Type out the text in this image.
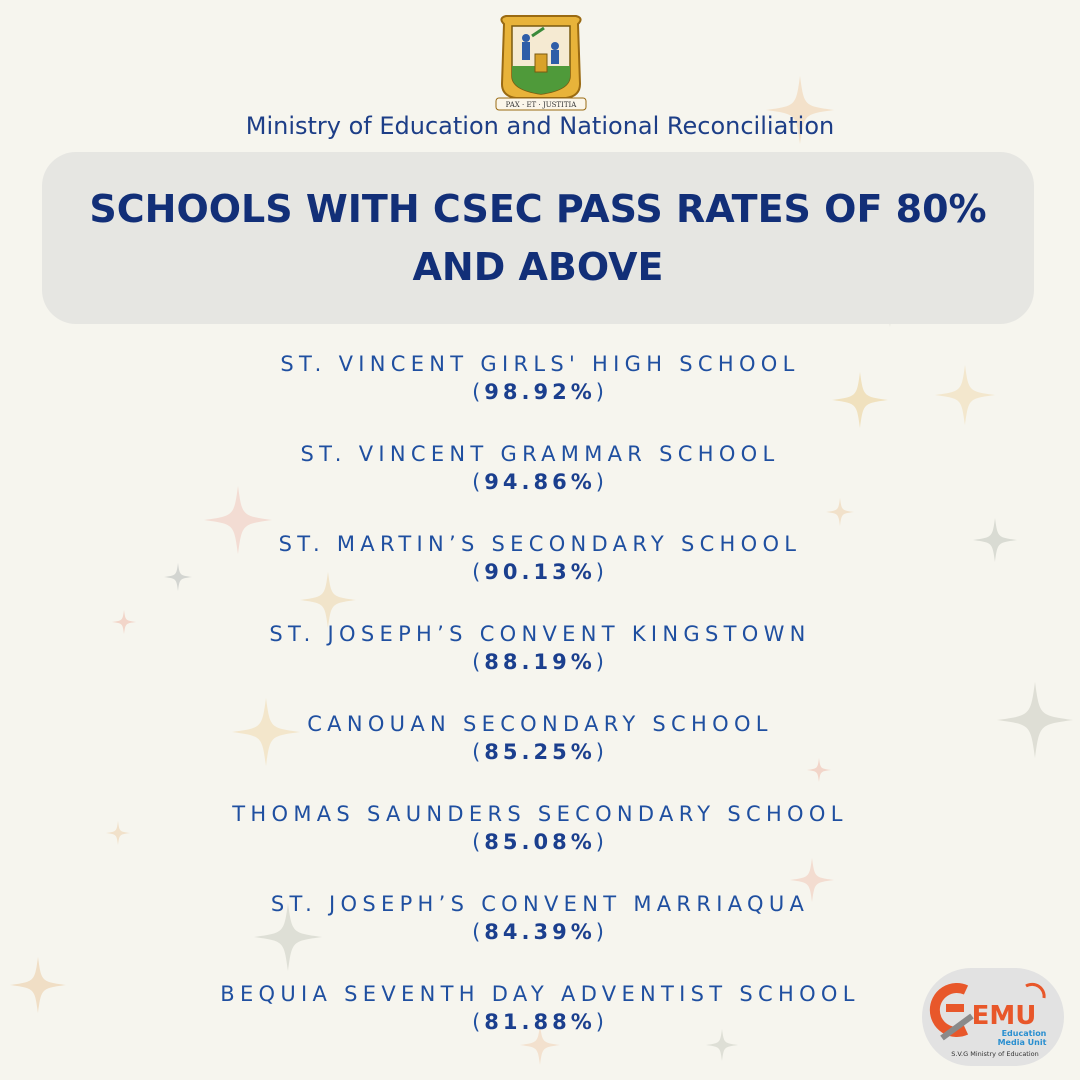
PAX · ET · JUSTITIA
Ministry of Education and National Reconciliation
SCHOOLS WITH CSEC PASS RATES OF 80% AND ABOVE
ST. VINCENT GIRLS' HIGH SCHOOL
(98.92%)
ST. VINCENT GRAMMAR SCHOOL
(94.86%)
ST. MARTIN’S SECONDARY SCHOOL
(90.13%)
ST. JOSEPH’S CONVENT KINGSTOWN
(88.19%)
CANOUAN SECONDARY SCHOOL
(85.25%)
THOMAS SAUNDERS SECONDARY SCHOOL
(85.08%)
ST. JOSEPH’S CONVENT MARRIAQUA
(84.39%)
BEQUIA SEVENTH DAY ADVENTIST SCHOOL
(81.88%)	EMU
Education
Media Unit
S.V.G Ministry of Education
